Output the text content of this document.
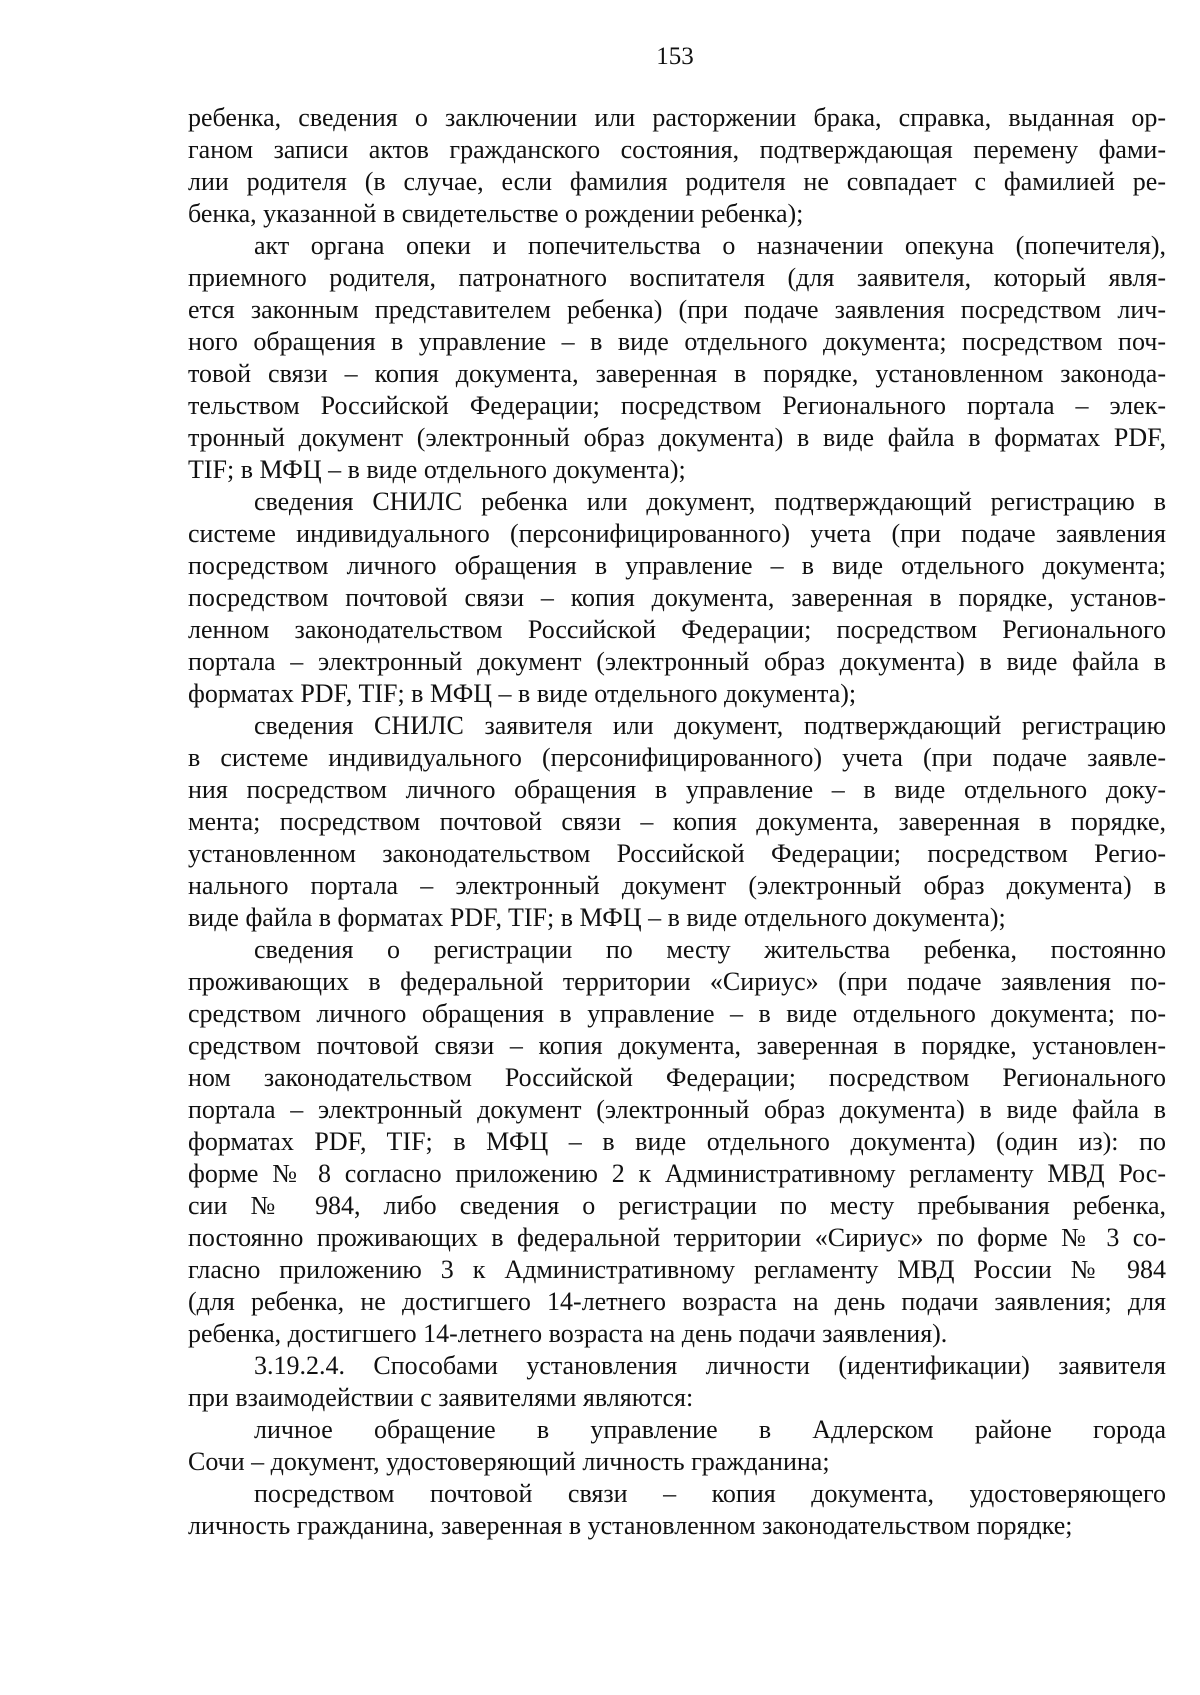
153
ребенка, сведения о заключении или расторжении брака, справка, выданная ор-
ганом записи актов гражданского состояния, подтверждающая перемену фами-
лии родителя (в случае, если фамилия родителя не совпадает с фамилией ре-
бенка, указанной в свидетельстве о рождении ребенка);
акт органа опеки и попечительства о назначении опекуна (попечителя),
приемного родителя, патронатного воспитателя (для заявителя, который явля-
ется законным представителем ребенка) (при подаче заявления посредством лич-
ного обращения в управление – в виде отдельного документа; посредством поч-
товой связи – копия документа, заверенная в порядке, установленном законода-
тельством Российской Федерации; посредством Регионального портала – элек-
тронный документ (электронный образ документа) в виде файла в форматах PDF,
TIF; в МФЦ – в виде отдельного документа);
сведения СНИЛС ребенка или документ, подтверждающий регистрацию в
системе индивидуального (персонифицированного) учета (при подаче заявления
посредством личного обращения в управление – в виде отдельного документа;
посредством почтовой связи – копия документа, заверенная в порядке, установ-
ленном законодательством Российской Федерации; посредством Регионального
портала – электронный документ (электронный образ документа) в виде файла в
форматах PDF, TIF; в МФЦ – в виде отдельного документа);
сведения СНИЛС заявителя или документ, подтверждающий регистрацию
в системе индивидуального (персонифицированного) учета (при подаче заявле-
ния посредством личного обращения в управление – в виде отдельного доку-
мента; посредством почтовой связи – копия документа, заверенная в порядке,
установленном законодательством Российской Федерации; посредством Регио-
нального портала – электронный документ (электронный образ документа) в
виде файла в форматах PDF, TIF; в МФЦ – в виде отдельного документа);
сведения о регистрации по месту жительства ребенка, постоянно
проживающих в федеральной территории «Сириус» (при подаче заявления по-
средством личного обращения в управление – в виде отдельного документа; по-
средством почтовой связи – копия документа, заверенная в порядке, установлен-
ном законодательством Российской Федерации; посредством Регионального
портала – электронный документ (электронный образ документа) в виде файла в
форматах PDF, TIF; в МФЦ – в виде отдельного документа) (один из): по
форме № 8 согласно приложению 2 к Административному регламенту МВД Рос-
сии № 984, либо сведения о регистрации по месту пребывания ребенка,
постоянно проживающих в федеральной территории «Сириус» по форме № 3 со-
гласно приложению 3 к Административному регламенту МВД России № 984
(для ребенка, не достигшего 14-летнего возраста на день подачи заявления; для
ребенка, достигшего 14-летнего возраста на день подачи заявления).
3.19.2.4. Способами установления личности (идентификации) заявителя
при взаимодействии с заявителями являются:
личное обращение в управление в Адлерском районе города
Сочи – документ, удостоверяющий личность гражданина;
посредством почтовой связи – копия документа, удостоверяющего
личность гражданина, заверенная в установленном законодательством порядке;
